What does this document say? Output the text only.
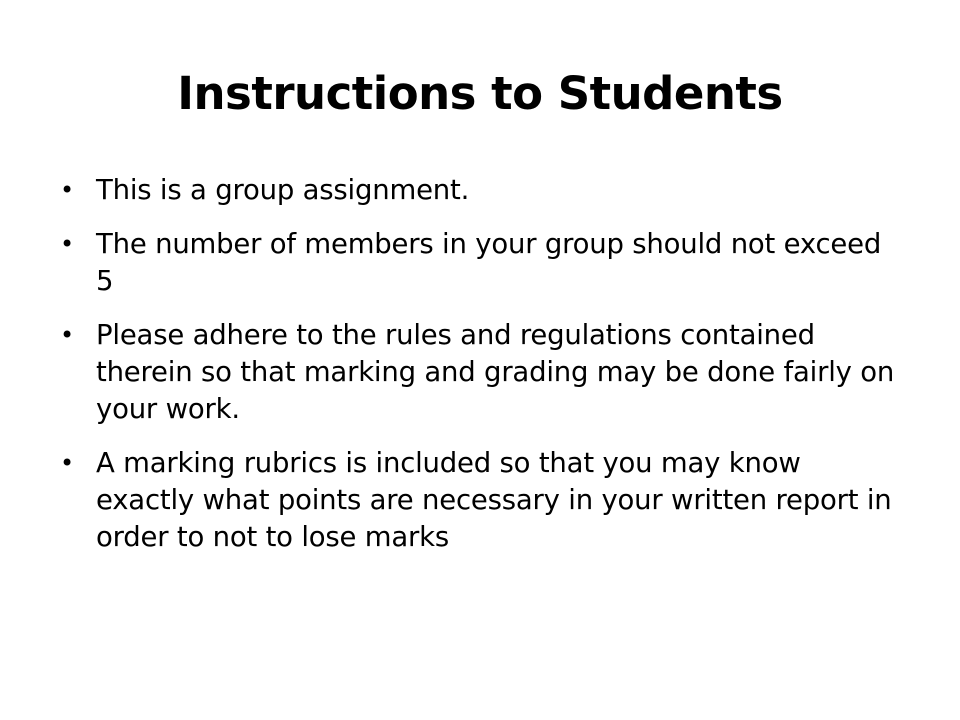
Instructions to Students
• This is a group assignment.
• The number of members in your group should not exceed 5
• Please adhere to the rules and regulations contained therein so that marking and grading may be done fairly on your work.
• A marking rubrics is included so that you may know exactly what points are necessary in your written report in order to not to lose marks
